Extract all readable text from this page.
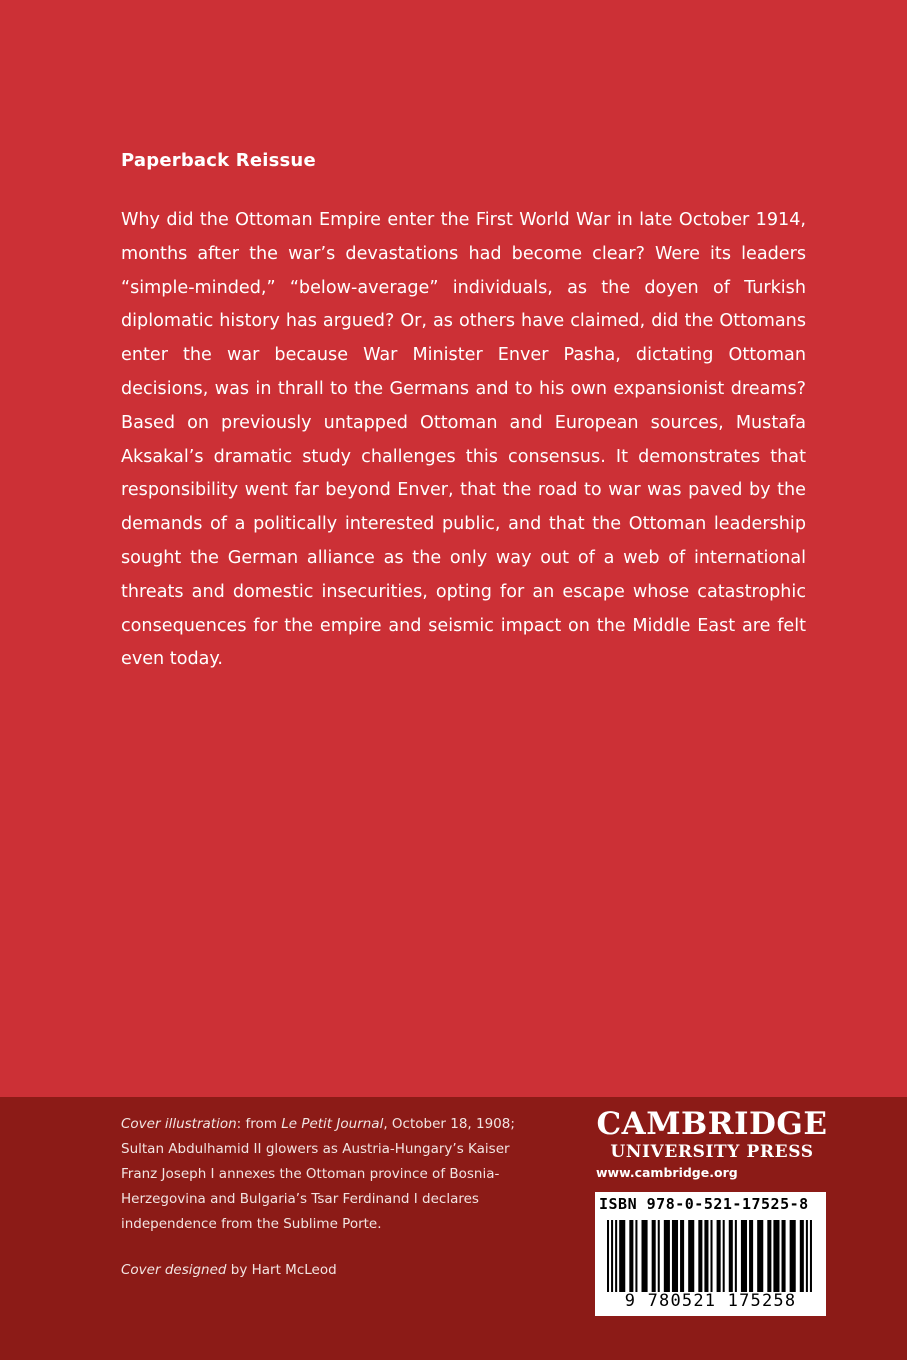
Paperback Reissue

Why did the Ottoman Empire enter the First World War in late October 1914, months after the war’s devastations had become clear? Were its leaders “simple-minded,” “below-average” individuals, as the doyen of Turkish diplomatic history has argued? Or, as others have claimed, did the Ottomans enter the war because War Minister Enver Pasha, dictating Ottoman decisions, was in thrall to the Germans and to his own expansionist dreams? Based on previously untapped Ottoman and European sources, Mustafa Aksakal’s dramatic study challenges this consensus. It demonstrates that responsibility went far beyond Enver, that the road to war was paved by the demands of a politically interested public, and that the Ottoman leadership sought the German alliance as the only way out of a web of international threats and domestic insecurities, opting for an escape whose catastrophic consequences for the empire and seismic impact on the Middle East are felt even today.

Cover illustration: from Le Petit Journal, October 18, 1908; Sultan Abdulhamid II glowers as Austria-Hungary’s Kaiser Franz Joseph I annexes the Ottoman province of Bosnia-Herzegovina and Bulgaria’s Tsar Ferdinand I declares independence from the Sublime Porte.
Cover designed by Hart McLeod
CAMBRIDGE
UNIVERSITY PRESS
www.cambridge.org
ISBN 978-0-521-17525-8
9 780521 175258
